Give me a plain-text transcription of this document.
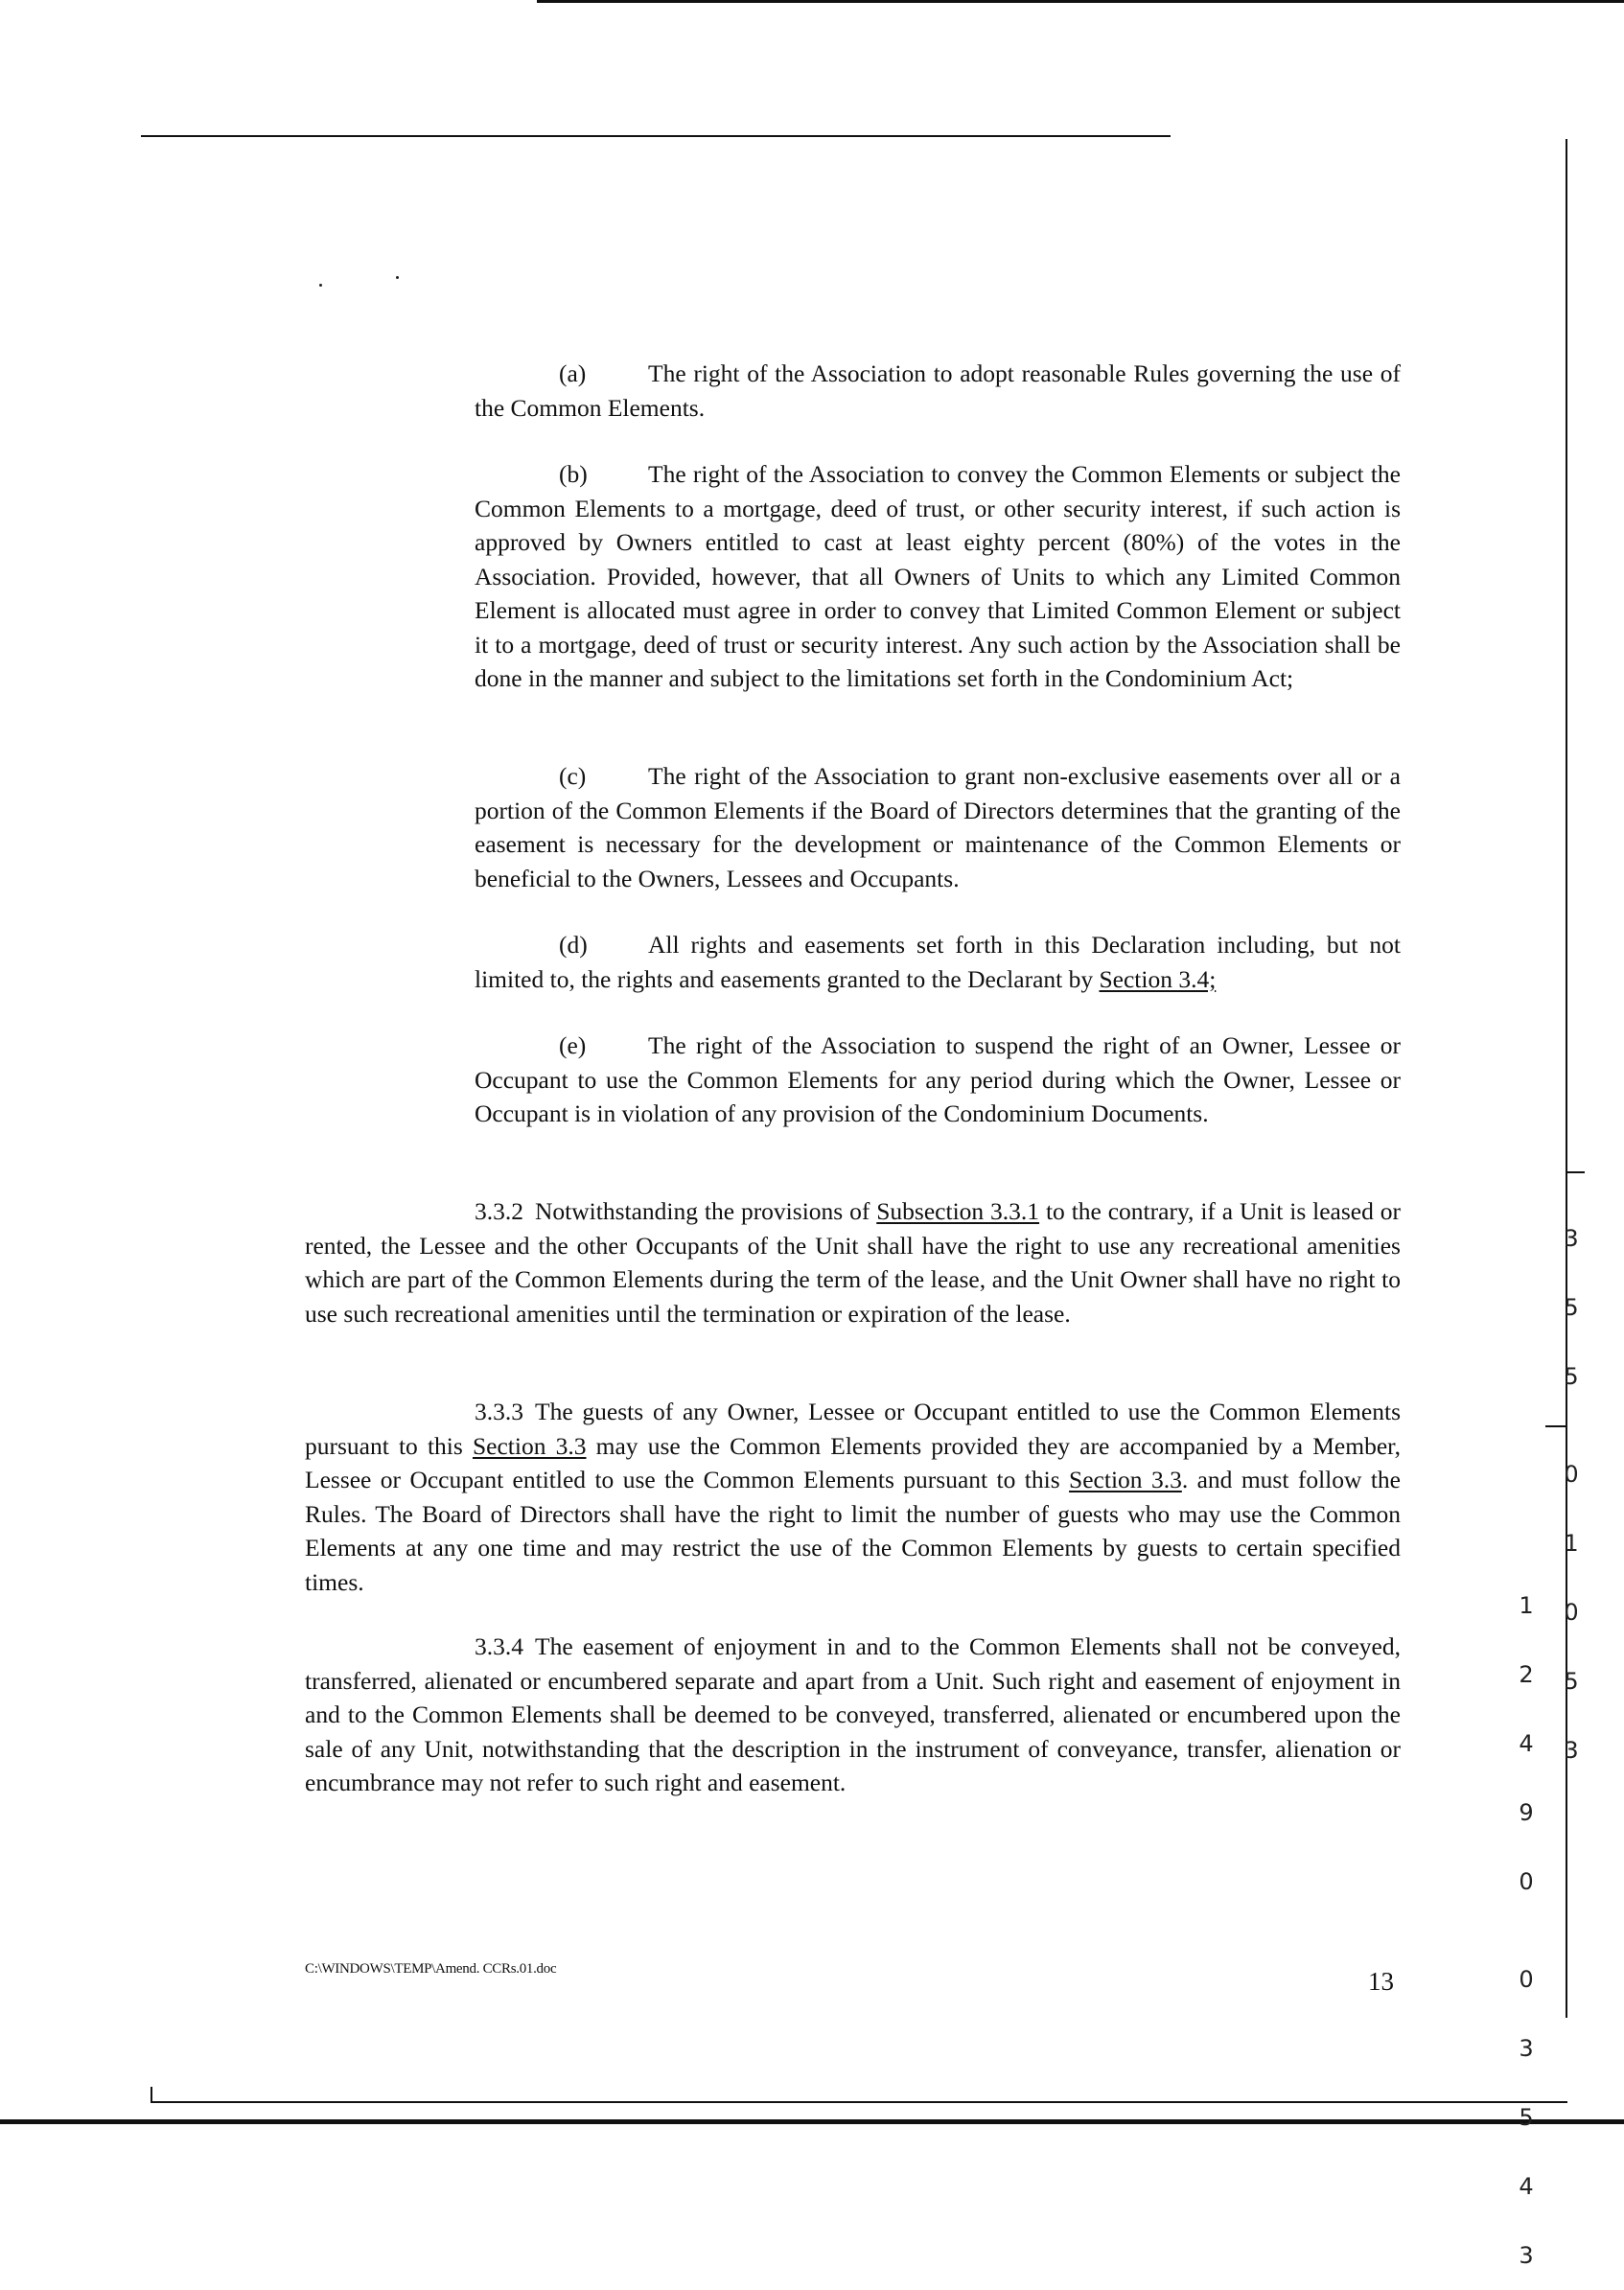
(a)	The right of the Association to adopt reasonable Rules governing the use of the Common Elements.

(b) The right of the Association to convey the Common Elements or subject the Common Elements to a mortgage, deed of trust, or other security interest, if such action is approved by Owners entitled to cast at least eighty percent (80%) of the votes in the Association. Provided, however, that all Owners of Units to which any Limited Common Element is allocated must agree in order to convey that Limited Common Element or subject it to a mortgage, deed of trust or security interest. Any such action by the Association shall be done in the manner and subject to the limitations set forth in the Condominium Act;

(c)	The right of the Association to grant non-exclusive easements over all or a portion of the Common Elements if the Board of Directors determines that the granting of the easement is necessary for the development or maintenance of the Common Elements or beneficial to the Owners, Lessees and Occupants.

(d) All rights and easements set forth in this Declaration including, but not limited to, the rights and easements granted to the Declarant by Section 3.4;

(e)	The right of the Association to suspend the right of an Owner, Lessee or Occupant to use the Common Elements for any period during which the Owner, Lessee or Occupant is in violation of any provision of the Condominium Documents.

3.3.2 Notwithstanding the provisions of Subsection 3.3.1 to the contrary, if a Unit is leased or rented, the Lessee and the other Occupants of the Unit shall have the right to use any recreational amenities which are part of the Common Elements during the term of the lease, and the Unit Owner shall have no right to use such recreational amenities until the termination or expiration of the lease.

3.3.3 The guests of any Owner, Lessee or Occupant entitled to use the Common Elements pursuant to this Section 3.3 may use the Common Elements provided they are accompanied by a Member, Lessee or Occupant entitled to use the Common Elements pursuant to this Section 3.3. and must follow the Rules. The Board of Directors shall have the right to limit the number of guests who may use the Common Elements at any one time and may restrict the use of the Common Elements by guests to certain specified times.

3.3.4 The easement of enjoyment in and to the Common Elements shall not be conveyed, transferred, alienated or encumbered separate and apart from a Unit. Such right and easement of enjoyment in and to the Common Elements shall be deemed to be conveyed, transferred, alienated or encumbered upon the sale of any Unit, notwithstanding that the description in the instrument of conveyance, transfer, alienation or encumbrance may not refer to such right and easement.

C:\WINDOWS\TEMP\Amend. CCRs.01.doc	13

3

5

5

0

1

0

5

3

1

2

4

9

0

0

3

5

4

3
